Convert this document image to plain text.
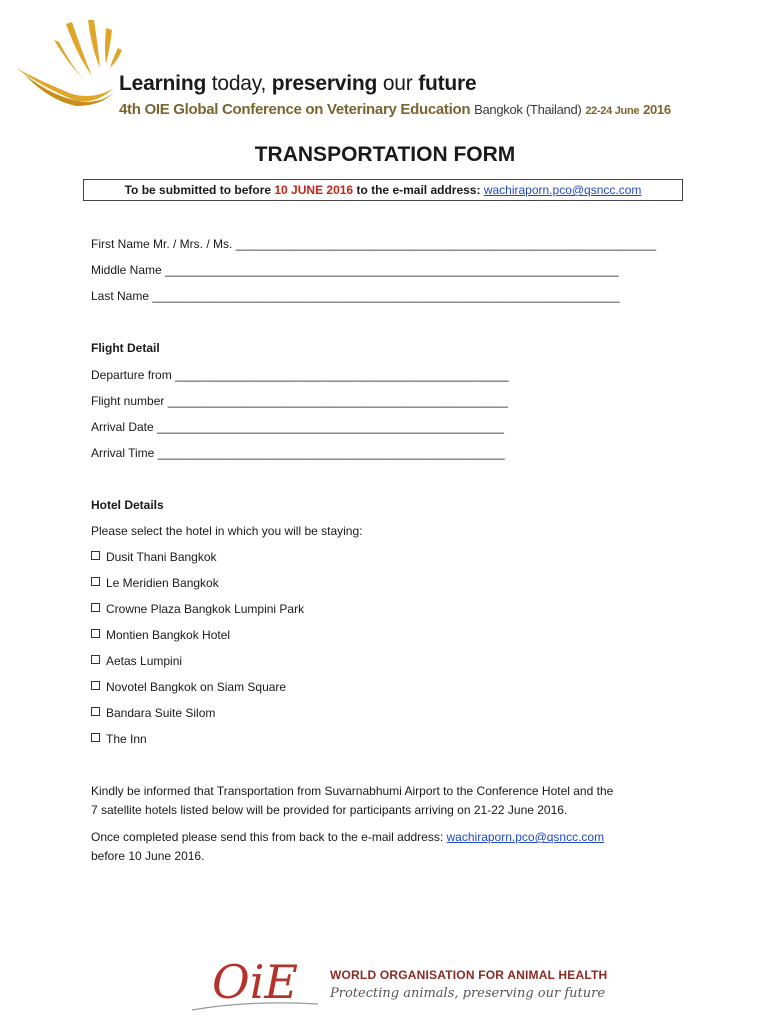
Learning today, preserving our future
4th OIE Global Conference on Veterinary Education Bangkok (Thailand) 22-24 June 2016
TRANSPORTATION FORM
To be submitted to before 10 JUNE 2016 to the e-mail address: wachiraporn.pco@qsncc.com
First Name Mr. / Mrs. / Ms. _______________________________________________________________
Middle Name ____________________________________________________________________
Last Name ______________________________________________________________________
Flight Detail
Departure from __________________________________________________
Flight number ___________________________________________________
Arrival Date ____________________________________________________
Arrival Time ____________________________________________________
Hotel Details
Please select the hotel in which you will be staying:
Dusit Thani Bangkok
Le Meridien Bangkok
Crowne Plaza Bangkok Lumpini Park
Montien Bangkok Hotel
Aetas Lumpini
Novotel Bangkok on Siam Square
Bandara Suite Silom
The Inn
Kindly be informed that Transportation from Suvarnabhumi Airport to the Conference Hotel and the
7 satellite hotels listed below will be provided for participants arriving on 21-22 June 2016.
Once completed please send this from back to the e-mail address: wachiraporn.pco@qsncc.com
before 10 June 2016.
OiE	WORLD ORGANISATION FOR ANIMAL HEALTH
Protecting animals, preserving our future
